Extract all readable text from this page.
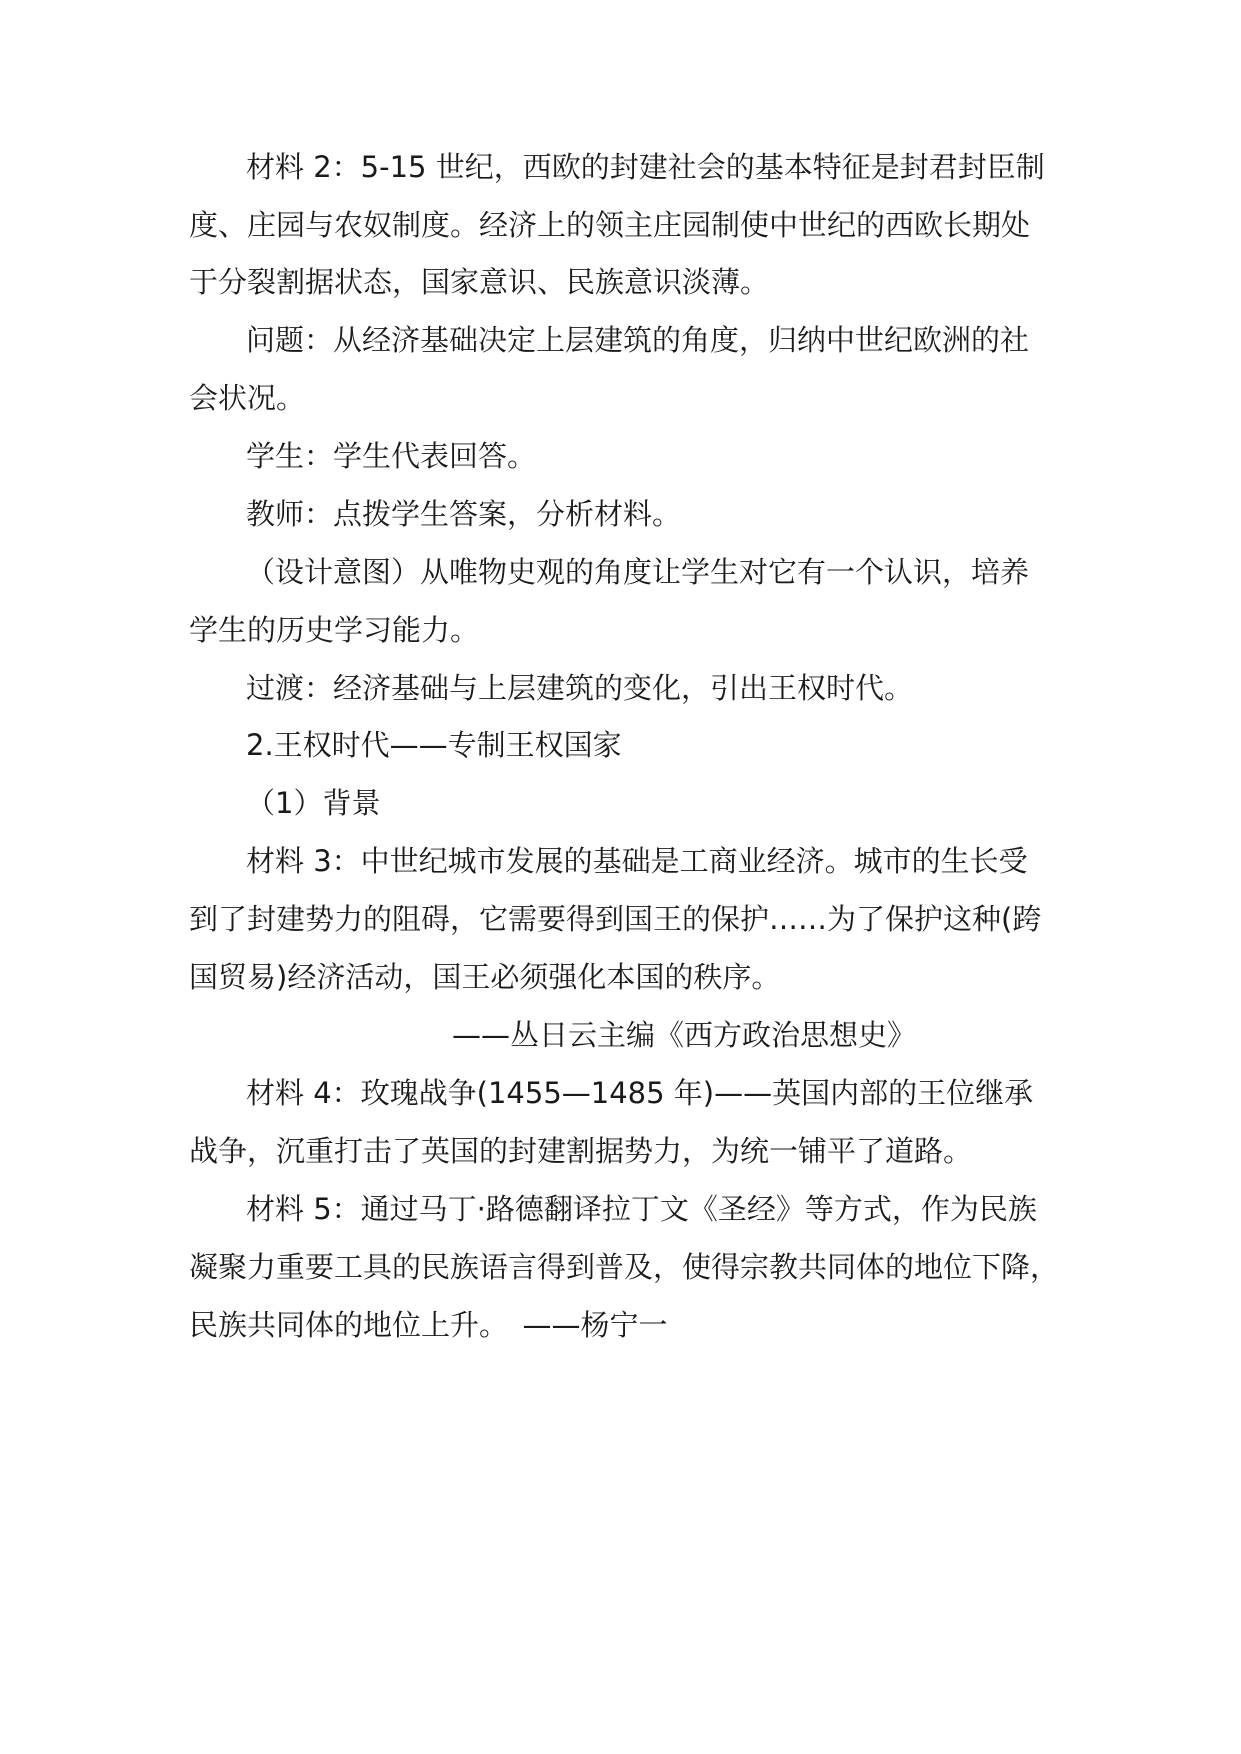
材料 2：5-15 世纪，西欧的封建社会的基本特征是封君封臣制

度、庄园与农奴制度。经济上的领主庄园制使中世纪的西欧长期处

于分裂割据状态，国家意识、民族意识淡薄。

问题：从经济基础决定上层建筑的角度，归纳中世纪欧洲的社

会状况。

学生：学生代表回答。

教师：点拨学生答案，分析材料。

（设计意图）从唯物史观的角度让学生对它有一个认识，培养

学生的历史学习能力。

过渡：经济基础与上层建筑的变化，引出王权时代。

2.王权时代——专制王权国家

（1）背景

材料 3：中世纪城市发展的基础是工商业经济。城市的生长受

到了封建势力的阻碍，它需要得到国王的保护……为了保护这种(跨

国贸易)经济活动，国王必须强化本国的秩序。

——丛日云主编《西方政治思想史》

材料 4：玫瑰战争(1455—1485 年)——英国内部的王位继承

战争，沉重打击了英国的封建割据势力，为统一铺平了道路。

材料 5：通过马丁·路德翻译拉丁文《圣经》等方式，作为民族

凝聚力重要工具的民族语言得到普及，使得宗教共同体的地位下降，

民族共同体的地位上升。　——杨宁一
